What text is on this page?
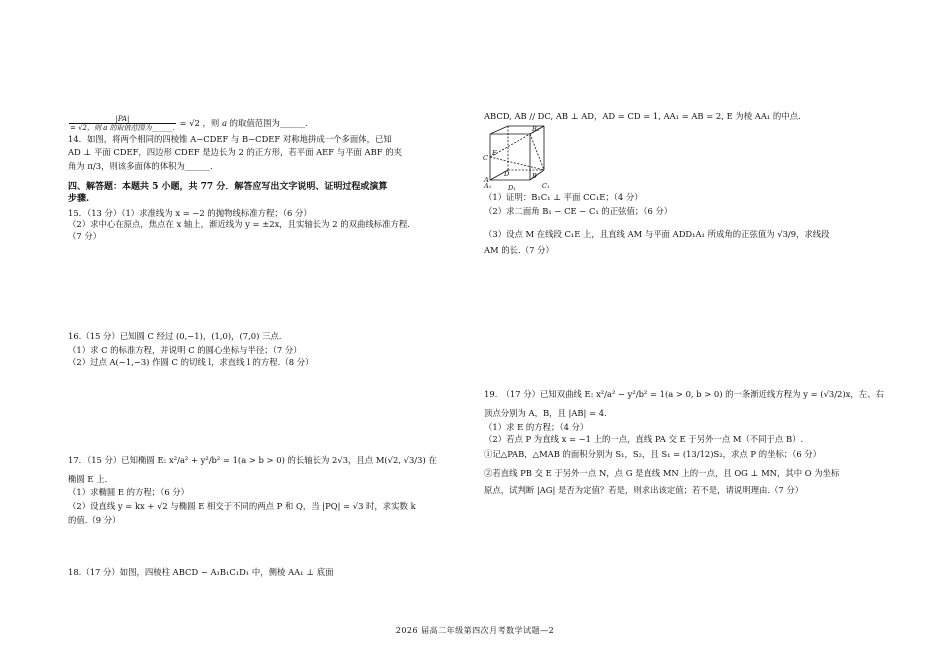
$\frac{|PA|}{\text{= √2，则 a 的取值范围为\_\_\_\_\_\_.}} = √2$ ，则 a 的取值范围为______.
14．如图，将两个相同的四棱锥 A−CDEF 与 B−CDEF 对称地拼成一个多面体，已知
AD ⊥ 平面 CDEF，四边形 CDEF 是边长为 2 的正方形，若平面 AEF 与平面 ABF 的夹
角为 π/3，则该多面体的体积为______.
四、解答题：本题共 5 小题，共 77 分．解答应写出文字说明、证明过程或演算
步骤.
15．（13 分）（1）求准线为 x = −2 的抛物线标准方程；（6 分）
（2）求中心在原点，焦点在 x 轴上，渐近线为 y = ±2x，且实轴长为 2 的双曲线标准方程.
（7 分）
16.（15 分）已知圆 C 经过 (0,−1)，(1,0)，(7,0) 三点.
（1）求 C 的标准方程，并说明 C 的圆心坐标与半径；（7 分）
（2）过点 A(−1,−3) 作圆 C 的切线 l，求直线 l 的方程.（8 分）
17．（15 分）已知椭圆 E: x²/a² + y²/b² = 1(a > b > 0) 的长轴长为 2√3，且点 M(√2, √3/3) 在
椭圆 E 上.
（1）求椭圆 E 的方程；（6 分）
（2）设直线 y = kx + √2 与椭圆 E 相交于不同的两点 P 和 Q，当 |PQ| = √3 时，求实数 k
的值.（9 分）
18.（17 分）如图，四棱柱 ABCD − A₁B₁C₁D₁ 中，侧棱 AA₁ ⊥ 底面
ABCD, AB // DC, AB ⊥ AD，AD = CD = 1, AA₁ = AB = 2, E 为棱 AA₁ 的中点.
B₁
C₁
D₁
A₁
A	B
C
D
E
（1）证明：B₁C₁ ⊥ 平面 CC₁E；（4 分）
（2）求二面角 B₁ − CE − C₁ 的正弦值；（6 分）
（3）设点 M 在线段 C₁E 上，且直线 AM 与平面 ADD₁A₁ 所成角的正弦值为 √3/9，求线段
AM 的长.（7 分）
19.　（17 分）已知双曲线 E: x²/a² − y²/b² = 1(a > 0, b > 0) 的一条渐近线方程为 y = (√3/2)x，左、右
顶点分别为 A，B，且 |AB| = 4.
（1）求 E 的方程；（4 分）
（2）若点 P 为直线 x = −1 上的一点，直线 PA 交 E 于另外一点 M（不同于点 B）.
①记△PAB，△MAB 的面积分别为 S₁，S₂，且 S₁ = (13/12)S₂，求点 P 的坐标；（6 分）
②若直线 PB 交 E 于另外一点 N，点 G 是直线 MN 上的一点，且 OG ⊥ MN，其中 O 为坐标
原点，试判断 |AG| 是否为定值？若是，则求出该定值；若不是，请说明理由.（7 分）
2026 届高二年级第四次月考数学试题—2
